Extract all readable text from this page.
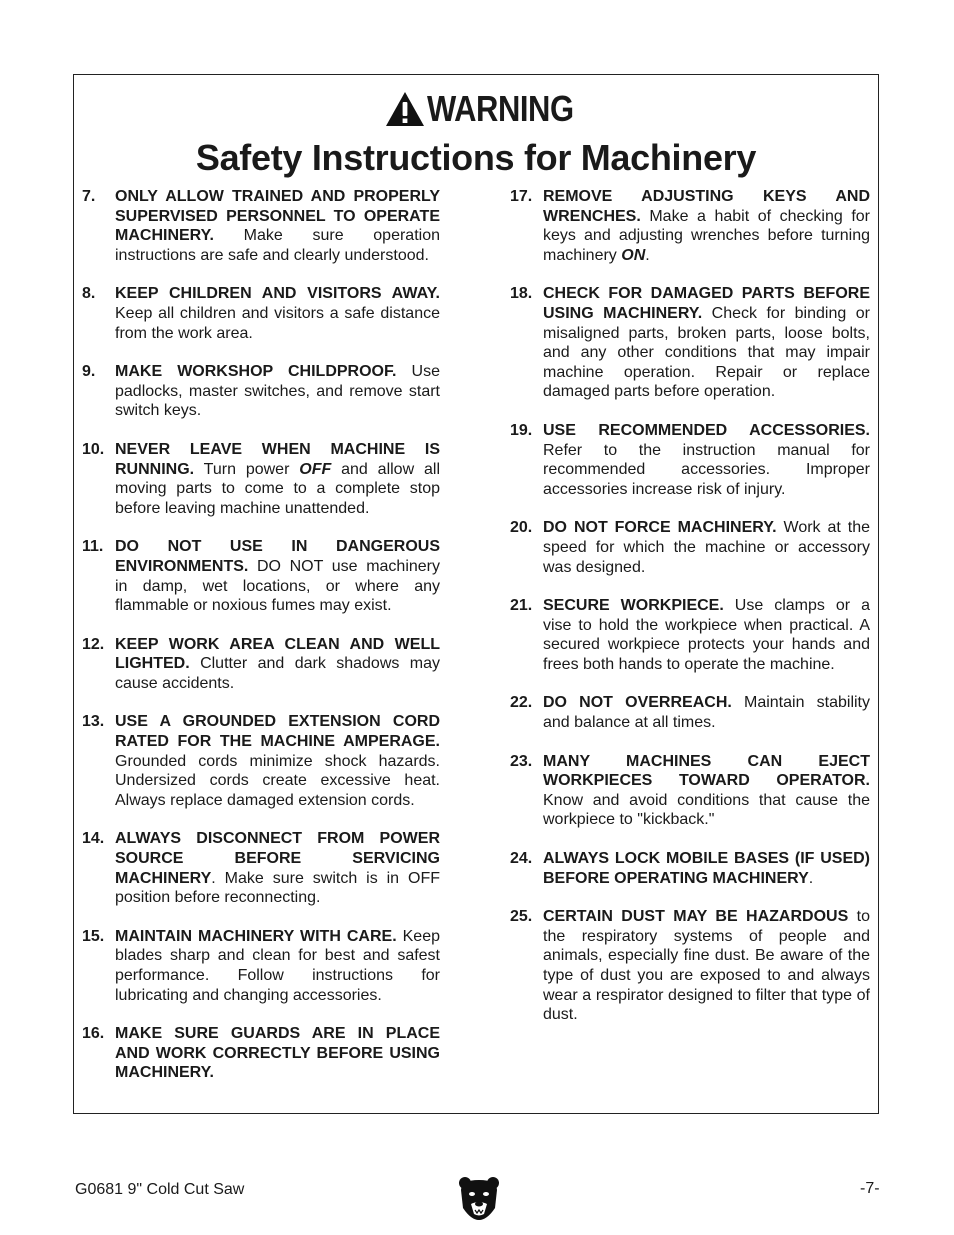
WARNING
Safety Instructions for Machinery
7.	ONLY ALLOW TRAINED AND PROPERLY SUPERVISED PERSONNEL TO OPERATE MACHINERY. Make sure operation instructions are safe and clearly understood.
8.	KEEP CHILDREN AND VISITORS AWAY. Keep all children and visitors a safe distance from the work area.
9.	MAKE WORKSHOP CHILDPROOF. Use padlocks, master switches, and remove start switch keys.
10. NEVER LEAVE WHEN MACHINE IS RUNNING. Turn power OFF and allow all moving parts to come to a complete stop before leaving machine unattended.
11. DO NOT USE IN DANGEROUS ENVIRONMENTS. DO NOT use machinery in damp, wet locations, or where any flammable or noxious fumes may exist.
12. KEEP WORK AREA CLEAN AND WELL LIGHTED. Clutter and dark shadows may cause accidents.
13. USE A GROUNDED EXTENSION CORD RATED FOR THE MACHINE AMPERAGE. Grounded cords minimize shock hazards. Undersized cords create excessive heat. Always replace damaged extension cords.
14. ALWAYS DISCONNECT FROM POWER SOURCE BEFORE SERVICING MACHINERY. Make sure switch is in OFF position before reconnecting.
15. MAINTAIN MACHINERY WITH CARE. Keep blades sharp and clean for best and safest performance. Follow instructions for lubricating and changing accessories.
16. MAKE SURE GUARDS ARE IN PLACE AND WORK CORRECTLY BEFORE USING MACHINERY.
17. REMOVE ADJUSTING KEYS AND WRENCHES. Make a habit of checking for keys and adjusting wrenches before turning machinery ON.
18. CHECK FOR DAMAGED PARTS BEFORE USING MACHINERY. Check for binding or misaligned parts, broken parts, loose bolts, and any other conditions that may impair machine operation. Repair or replace damaged parts before operation.
19. USE RECOMMENDED ACCESSORIES. Refer to the instruction manual for recommended accessories. Improper accessories increase risk of injury.
20. DO NOT FORCE MACHINERY. Work at the speed for which the machine or accessory was designed.
21. SECURE WORKPIECE. Use clamps or a vise to hold the workpiece when practical. A secured workpiece protects your hands and frees both hands to operate the machine.
22. DO NOT OVERREACH. Maintain stability and balance at all times.
23. MANY MACHINES CAN EJECT WORKPIECES TOWARD OPERATOR. Know and avoid conditions that cause the workpiece to "kickback."
24. ALWAYS LOCK MOBILE BASES (IF USED) BEFORE OPERATING MACHINERY.
25. CERTAIN DUST MAY BE HAZARDOUS to the respiratory systems of people and animals, especially fine dust. Be aware of the type of dust you are exposed to and always wear a respirator designed to filter that type of dust.
G0681 9" Cold Cut Saw	-7-
